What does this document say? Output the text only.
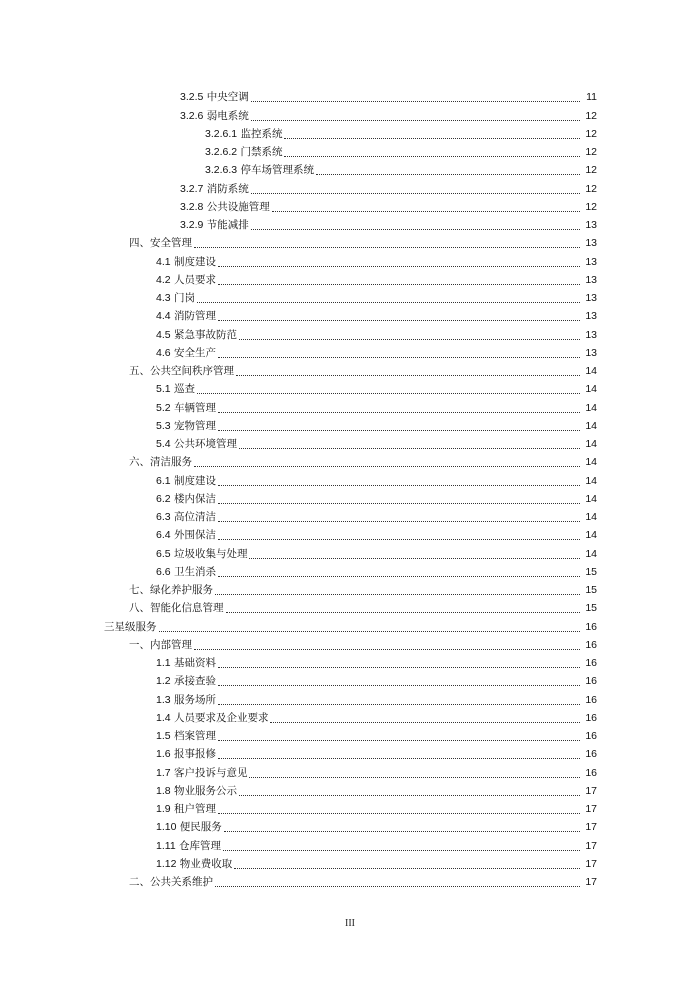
3.2.5 中央空调	11
3.2.6 弱电系统	12
3.2.6.1 监控系统	12
3.2.6.2 门禁系统	12
3.2.6.3 停车场管理系统	12
3.2.7 消防系统	12
3.2.8 公共设施管理	12
3.2.9 节能减排	13
四、安全管理	13
4.1 制度建设	13
4.2 人员要求	13
4.3 门岗	13
4.4 消防管理	13
4.5 紧急事故防范	13
4.6 安全生产	13
五、公共空间秩序管理	14
5.1 巡查	14
5.2 车辆管理	14
5.3 宠物管理	14
5.4 公共环境管理	14
六、清洁服务	14
6.1 制度建设	14
6.2 楼内保洁	14
6.3 高位清洁	14
6.4 外围保洁	14
6.5 垃圾收集与处理	14
6.6 卫生消杀	15
七、绿化养护服务	15
八、智能化信息管理	15
三星级服务	16
一、内部管理	16
1.1 基础资料	16
1.2 承接查验	16
1.3 服务场所	16
1.4 人员要求及企业要求	16
1.5 档案管理	16
1.6 报事报修	16
1.7 客户投诉与意见	16
1.8 物业服务公示	17
1.9 租户管理	17
1.10 便民服务	17
1.11 仓库管理	17
1.12 物业费收取	17
二、公共关系维护	17
III
